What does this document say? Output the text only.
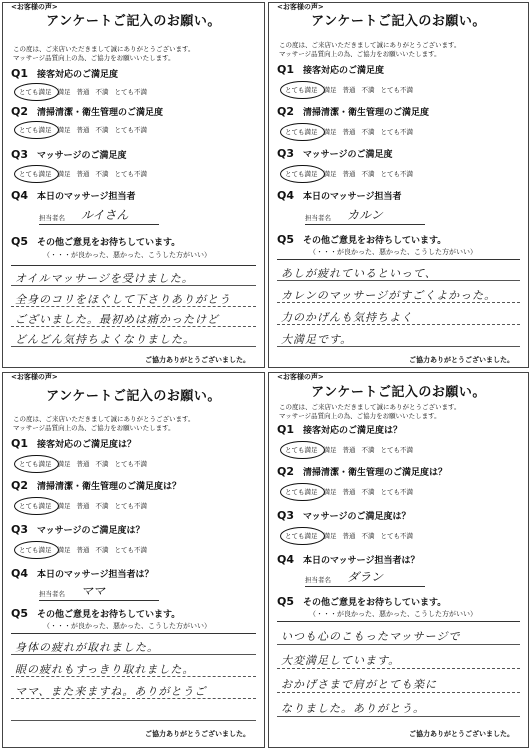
<お客様の声>
アンケートご記入のお願い。
この度は、ご来店いただきまして誠にありがとうございます。
マッサージ品質向上の為、ご協力をお願いいたします。
Q1 接客対応のご満足度
とても満足 満足 普通 不満 とても不満
Q2 清掃清潔・衛生管理のご満足度
とても満足 満足 普通 不満 とても不満
Q3 マッサージのご満足度
とても満足 満足 普通 不満 とても不満
Q4 本日のマッサージ担当者
担当者名 ルイさん
Q5 その他ご意見をお待ちしています。
（・・・が良かった、悪かった、こうした方がいい）
オイルマッサージを受けました。
全身のコリをほぐして下さりありがとう
ございました。最初めは痛かったけど
どんどん気持ちよくなりました。
ご協力ありがとうございました。
<お客様の声>
アンケートご記入のお願い。
この度は、ご来店いただきまして誠にありがとうございます。
マッサージ品質向上の為、ご協力をお願いいたします。
Q1 接客対応のご満足度
とても満足 満足 普通 不満 とても不満
Q2 清掃清潔・衛生管理のご満足度
とても満足 満足 普通 不満 とても不満
Q3 マッサージのご満足度
とても満足 満足 普通 不満 とても不満
Q4 本日のマッサージ担当者
担当者名 カルン
Q5 その他ご意見をお待ちしています。
（・・・が良かった、悪かった、こうした方がいい）
あしが疲れているといって、
カレンのマッサージがすごくよかった。
力のかげんも気持ちよく
大満足です。
ご協力ありがとうございました。
<お客様の声>
アンケートご記入のお願い。
この度は、ご来店いただきまして誠にありがとうございます。
マッサージ品質向上の為、ご協力をお願いいたします。
Q1 接客対応のご満足度は？
とても満足 満足 普通 不満 とても不満
Q2 清掃清潔・衛生管理のご満足度は？
とても満足 満足 普通 不満 とても不満
Q3 マッサージのご満足度は？
とても満足 満足 普通 不満 とても不満
Q4 本日のマッサージ担当者は？
担当者名 ママ
Q5 その他ご意見をお待ちしています。
（・・・が良かった、悪かった、こうした方がいい）
身体の疲れが取れました。
眼の疲れもすっきり取れました。
ママ、また来ますね。ありがとうご
ご協力ありがとうございました。
<お客様の声>
アンケートご記入のお願い。
この度は、ご来店いただきまして誠にありがとうございます。
マッサージ品質向上の為、ご協力をお願いいたします。
Q1 接客対応のご満足度は？
とても満足 満足 普通 不満 とても不満
Q2 清掃清潔・衛生管理のご満足度は？
とても満足 満足 普通 不満 とても不満
Q3 マッサージのご満足度は？
とても満足 満足 普通 不満 とても不満
Q4 本日のマッサージ担当者は？
担当者名 ダラン
Q5 その他ご意見をお待ちしています。
（・・・が良かった、悪かった、こうした方がいい）
いつも心のこもったマッサージで
大変満足しています。
おかげさまで肩がとても楽に
なりました。ありがとう。
ご協力ありがとうございました。
